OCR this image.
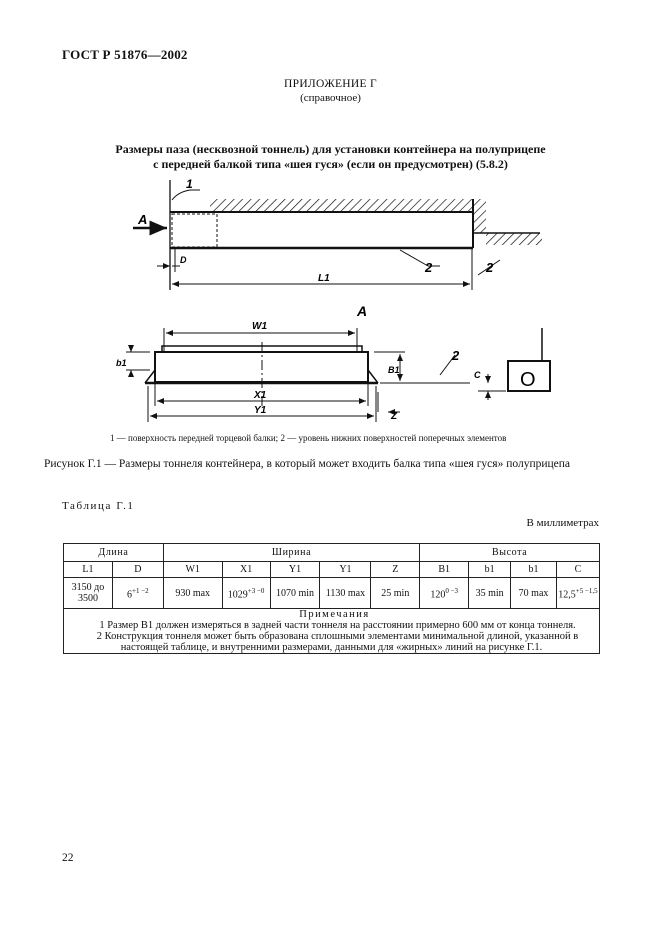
ГОСТ Р 51876—2002
ПРИЛОЖЕНИЕ Г
(справочное)
Размеры паза (несквозной тоннель) для установки контейнера на полуприцепе
с передней балкой типа «шея гуся» (если он предусмотрен) (5.8.2)
1
A
D	2	2
L1
A
W1
b1
X1
Y1
B1
Z
2
O
C
1 — поверхность передней торцевой балки; 2 — уровень нижних поверхностей поперечных элементов
Рисунок Г.1 — Размеры тоннеля контейнера, в который может входить балка типа «шея гуся» полуприцепа
Таблица Г.1
В миллиметрах
Длина		Ширина					Высота			
L1	D	W1	X1	Y1	Y1	Z	B1	b1	b1	C
3150 до 3500	$6^{+1 -2}$	930 max	$1029^{+3 -0}$	1070 min	1130 max	25 min	$120^{0 -3}$	35 min	70 max	$12,5^{+5 -1,5}$

Примечания
1 Размер B1 должен измеряться в задней части тоннеля на расстоянии примерно 600 мм от конца тоннеля.
2 Конструкция тоннеля может быть образована сплошными элементами минимальной длиной, указанной в настоящей таблице, и внутренними размерами, данными для «жирных» линий на рисунке Г.1.										
22
